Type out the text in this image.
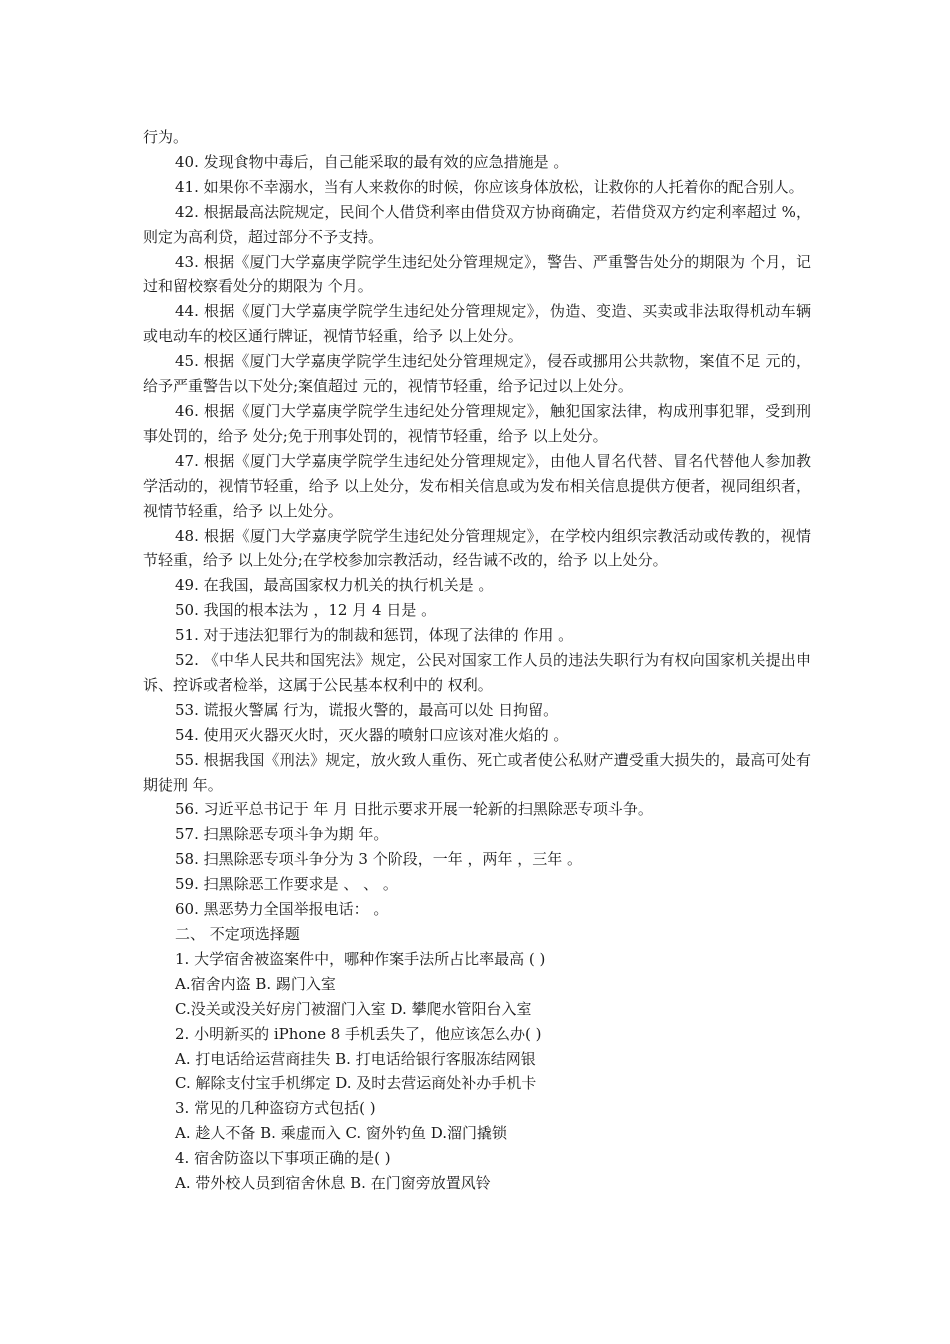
行为。

40. 发现食物中毒后，自己能采取的最有效的应急措施是 。

41. 如果你不幸溺水，当有人来救你的时候，你应该身体放松，让救你的人托着你的配合别人。

42. 根据最高法院规定，民间个人借贷利率由借贷双方协商确定，若借贷双方约定利率超过 %，则定为高利贷，超过部分不予支持。

43. 根据《厦门大学嘉庚学院学生违纪处分管理规定》，警告、严重警告处分的期限为 个月，记过和留校察看处分的期限为 个月。

44. 根据《厦门大学嘉庚学院学生违纪处分管理规定》，伪造、变造、买卖或非法取得机动车辆或电动车的校区通行牌证，视情节轻重，给予 以上处分。

45. 根据《厦门大学嘉庚学院学生违纪处分管理规定》，侵吞或挪用公共款物，案值不足 元的，给予严重警告以下处分;案值超过 元的，视情节轻重，给予记过以上处分。

46. 根据《厦门大学嘉庚学院学生违纪处分管理规定》，触犯国家法律，构成刑事犯罪，受到刑事处罚的，给予 处分;免于刑事处罚的，视情节轻重，给予 以上处分。

47. 根据《厦门大学嘉庚学院学生违纪处分管理规定》，由他人冒名代替、冒名代替他人参加教学活动的，视情节轻重，给予 以上处分，发布相关信息或为发布相关信息提供方便者，视同组织者，视情节轻重，给予 以上处分。

48. 根据《厦门大学嘉庚学院学生违纪处分管理规定》，在学校内组织宗教活动或传教的，视情节轻重，给予 以上处分;在学校参加宗教活动，经告诫不改的，给予 以上处分。

49. 在我国，最高国家权力机关的执行机关是 。

50. 我国的根本法为 ，12 月 4 日是 。

51. 对于违法犯罪行为的制裁和惩罚，体现了法律的 作用 。

52. 《中华人民共和国宪法》规定，公民对国家工作人员的违法失职行为有权向国家机关提出申诉、控诉或者检举，这属于公民基本权利中的 权利。

53. 谎报火警属 行为，谎报火警的，最高可以处 日拘留。

54. 使用灭火器灭火时，灭火器的喷射口应该对准火焰的 。

55. 根据我国《刑法》规定，放火致人重伤、死亡或者使公私财产遭受重大损失的，最高可处有期徒刑 年。

56. 习近平总书记于 年 月 日批示要求开展一轮新的扫黑除恶专项斗争。

57. 扫黑除恶专项斗争为期 年。

58. 扫黑除恶专项斗争分为 3 个阶段，一年 ，两年 ，三年 。

59. 扫黑除恶工作要求是 、 、 。

60. 黑恶势力全国举报电话： 。

二、 不定项选择题

1. 大学宿舍被盗案件中，哪种作案手法所占比率最高 ( )

A.宿舍内盗 B. 踢门入室

C.没关或没关好房门被溜门入室 D. 攀爬水管阳台入室

2. 小明新买的 iPhone 8 手机丢失了，他应该怎么办( )

A. 打电话给运营商挂失 B. 打电话给银行客服冻结网银

C. 解除支付宝手机绑定 D. 及时去营运商处补办手机卡

3. 常见的几种盗窃方式包括( )

A. 趁人不备 B. 乘虚而入 C. 窗外钓鱼 D.溜门撬锁

4. 宿舍防盗以下事项正确的是( )

A. 带外校人员到宿舍休息 B. 在门窗旁放置风铃
